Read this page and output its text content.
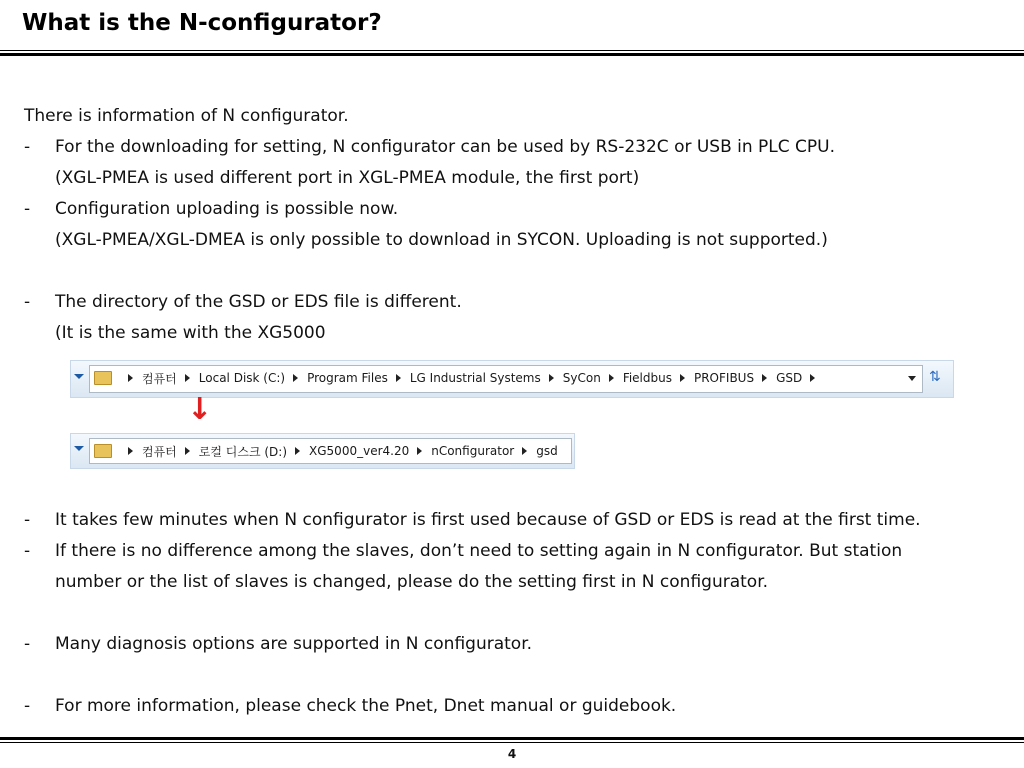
What is the N-configurator?
There is information of N configurator.
- For the downloading for setting, N configurator can be used by RS-232C or USB in PLC CPU.
(XGL-PMEA is used different port in XGL-PMEA module, the first port)
- Configuration uploading is possible now.
(XGL-PMEA/XGL-DMEA is only possible to download in SYCON. Uploading is not supported.)
- The directory of the GSD or EDS file is different.
(It is the same with the XG5000
컴퓨터 Local Disk (C:) Program Files LG Industrial Systems SyCon Fieldbus PROFIBUS GSD	⇅
↓
컴퓨터 로컬 디스크 (D:) XG5000_ver4.20 nConfigurator gsd
- It takes few minutes when N configurator is first used because of GSD or EDS is read at the first time.
- If there is no difference among the slaves, don’t need to setting again in N configurator. But station
number or the list of slaves is changed, please do the setting first in N configurator.
- Many diagnosis options are supported in N configurator.
- For more information, please check the Pnet, Dnet manual or guidebook.
4
